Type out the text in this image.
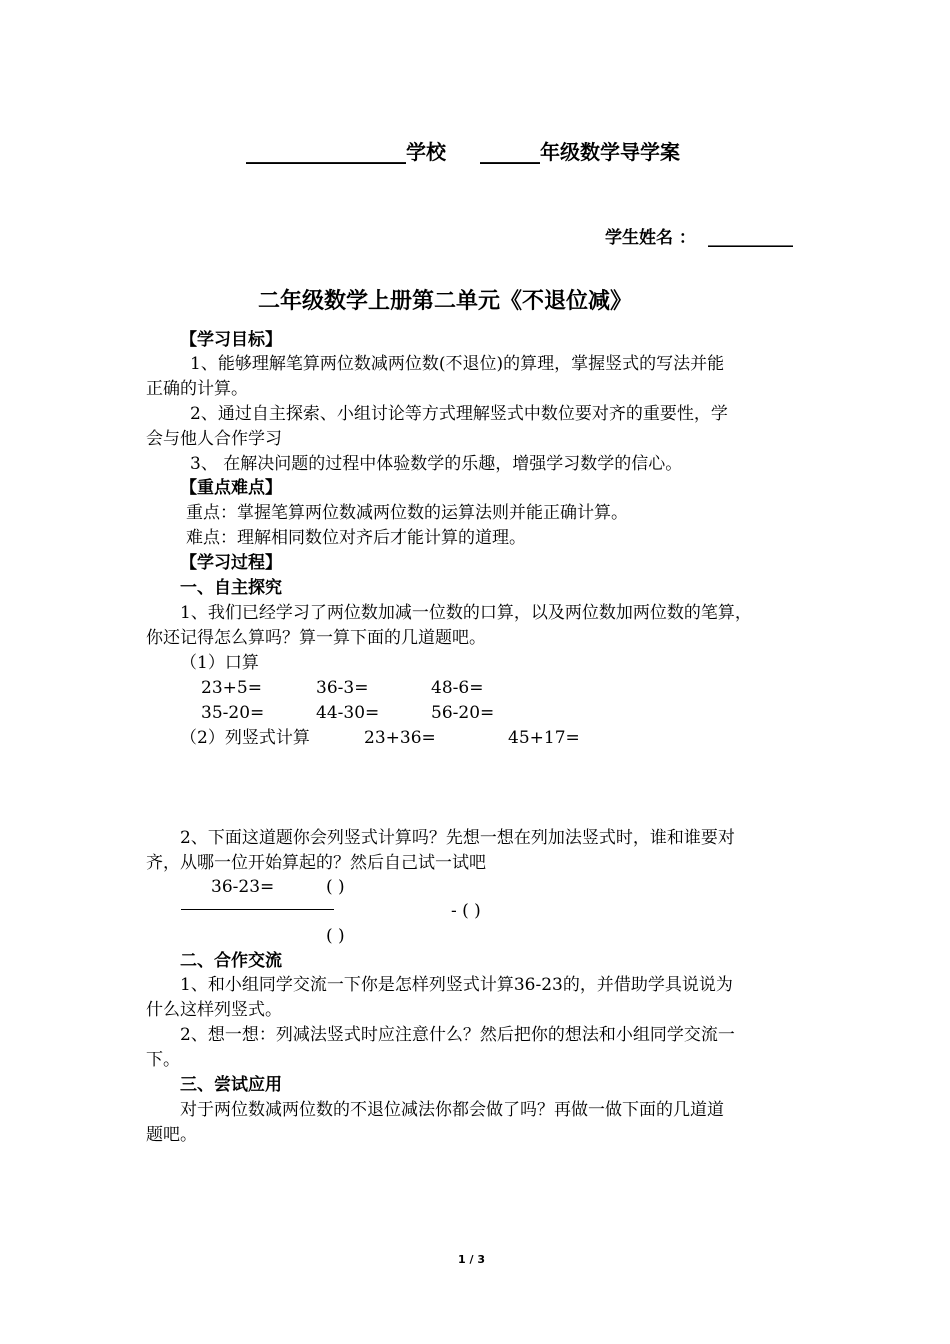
________________学校 ______年级数学导学案
学生姓名 ： __________
二年级数学上册第二单元《不退位减》
【学习目标】
1、能够理解笔算两位数减两位数(不退位)的算理，掌握竖式的写法并能
正确的计算。
2、通过自主探索、小组讨论等方式理解竖式中数位要对齐的重要性，学
会与他人合作学习
3、 在解决问题的过程中体验数学的乐趣，增强学习数学的信心。
【重点难点】
重点：掌握笔算两位数减两位数的运算法则并能正确计算。
难点：理解相同数位对齐后才能计算的道理。
【学习过程】
一、自主探究
1、我们已经学习了两位数加减一位数的口算，以及两位数加两位数的笔算，
你还记得怎么算吗？算一算下面的几道题吧。
（1）口算
23+5=	36-3=	48-6=
35-20=	44-30=	56-20=
（2）列竖式计算	23+36=	45+17=
2、下面这道题你会列竖式计算吗？先想一想在列加法竖式时，谁和谁要对
齐，从哪一位开始算起的？然后自己试一试吧
36-23=	( )
- ( )
( )
二、合作交流
1、和小组同学交流一下你是怎样列竖式计算36-23的，并借助学具说说为
什么这样列竖式。
2、想一想：列减法竖式时应注意什么？然后把你的想法和小组同学交流一
下。
三、尝试应用
对于两位数减两位数的不退位减法你都会做了吗？再做一做下面的几道道
题吧。
1 / 3
